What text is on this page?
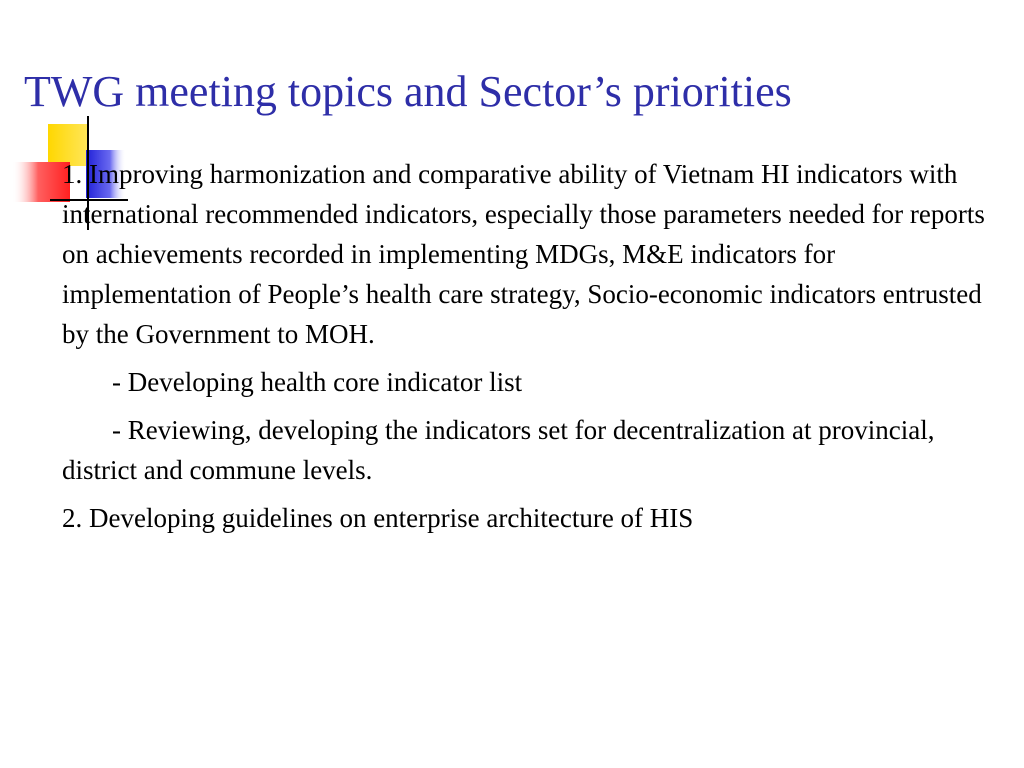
TWG meeting topics and Sector’s priorities

1. Improving harmonization and comparative ability of Vietnam HI indicators with international recommended indicators, especially those parameters needed for reports on achievements recorded in implementing MDGs, M&E indicators for implementation of People’s health care strategy, Socio-economic indicators entrusted by the Government to MOH.

- Developing health core indicator list

- Reviewing, developing the indicators set for decentralization at provincial, district and commune levels.

2. Developing guidelines on enterprise architecture of HIS
